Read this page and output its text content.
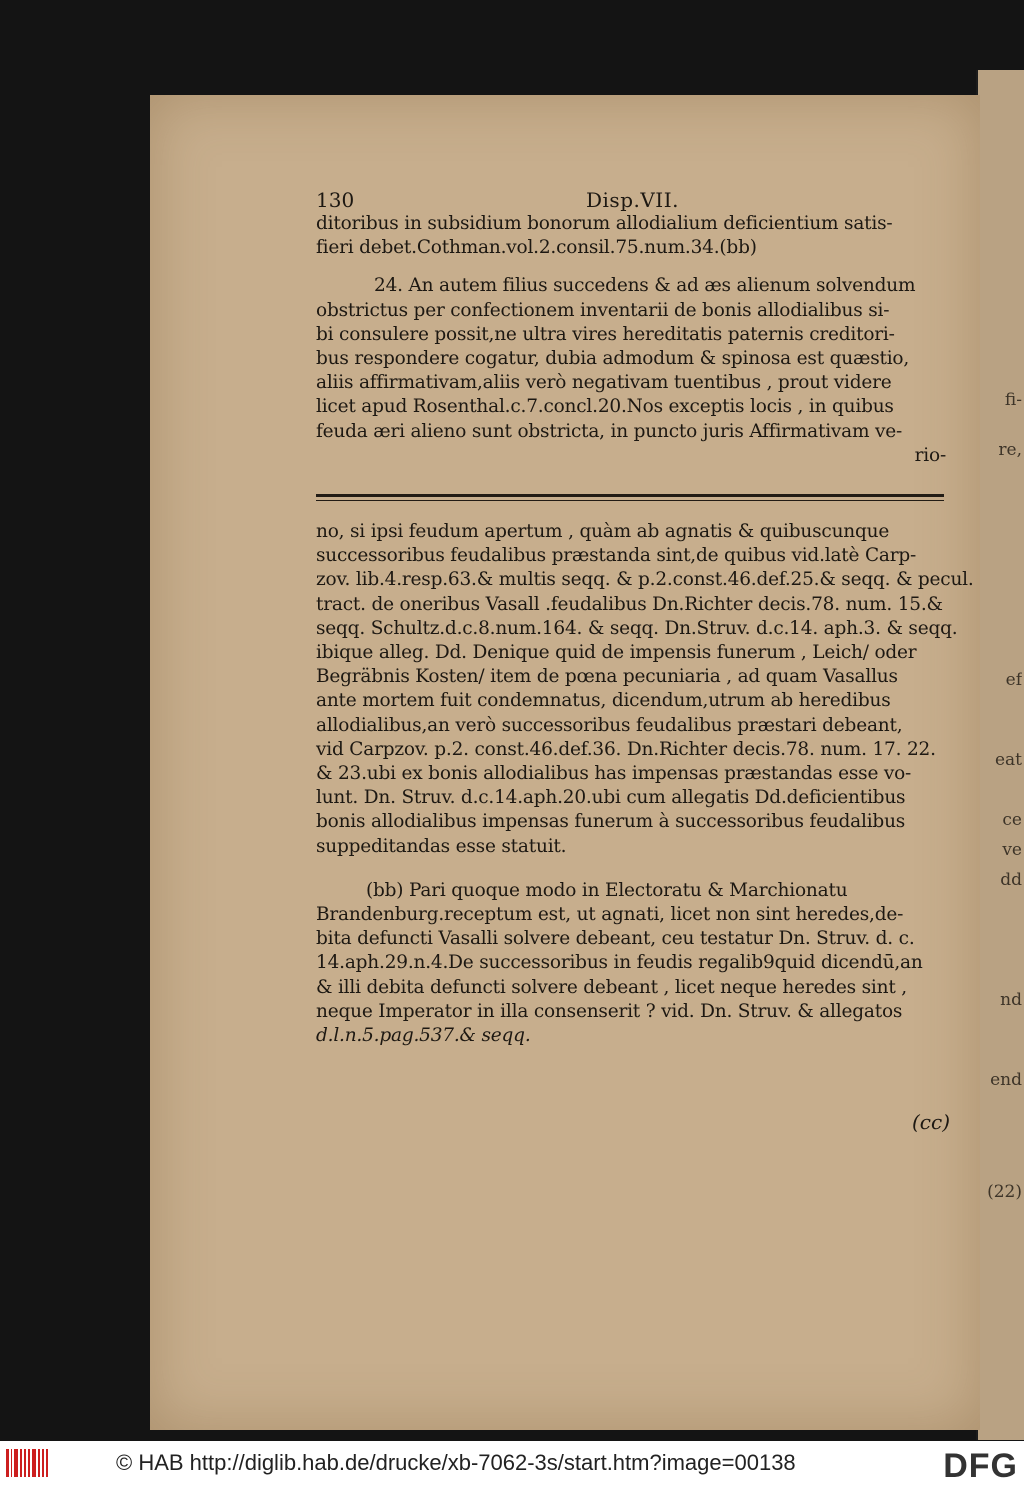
fi-
ef
dd
eat
re,
ve
nd
end
ce
(22)
130	Disp.VII.
ditoribus in subsidium bonorum allodialium deficientium satis-
fieri debet.Cothman.vol.2.consil.75.num.34.(bb)
24. An autem filius succedens & ad æs alienum solvendum
obstrictus per confectionem inventarii de bonis allodialibus si-
bi consulere possit,ne ultra vires hereditatis paternis creditori-
bus respondere cogatur, dubia admodum & spinosa est quæstio,
aliis affirmativam,aliis verò negativam tuentibus , prout videre
licet apud Rosenthal.c.7.concl.20.Nos exceptis locis , in quibus
feuda æri alieno sunt obstricta, in puncto juris Affirmativam ve-
rio-
no, si ipsi feudum apertum , quàm ab agnatis & quibuscunque
successoribus feudalibus præstanda sint,de quibus vid.latè Carp-
zov. lib.4.resp.63.& multis seqq. & p.2.const.46.def.25.& seqq. & pecul.
tract. de oneribus Vasall .feudalibus Dn.Richter decis.78. num. 15.&
seqq. Schultz.d.c.8.num.164. & seqq. Dn.Struv. d.c.14. aph.3. & seqq.
ibique alleg. Dd. Denique quid de impensis funerum , Leich/ oder
Begräbnis Kosten/ item de pœna pecuniaria , ad quam Vasallus
ante mortem fuit condemnatus, dicendum,utrum ab heredibus
allodialibus,an verò successoribus feudalibus præstari debeant,
vid Carpzov. p.2. const.46.def.36. Dn.Richter decis.78. num. 17. 22.
& 23.ubi ex bonis allodialibus has impensas præstandas esse vo-
lunt. Dn. Struv. d.c.14.aph.20.ubi cum allegatis Dd.deficientibus
bonis allodialibus impensas funerum à successoribus feudalibus
suppeditandas esse statuit.
(bb) Pari quoque modo in Electoratu & Marchionatu
Brandenburg.receptum est, ut agnati, licet non sint heredes,de-
bita defuncti Vasalli solvere debeant, ceu testatur Dn. Struv. d. c.
14.aph.29.n.4.De successoribus in feudis regalib9quid dicendū,an
& illi debita defuncti solvere debeant , licet neque heredes sint ,
neque Imperator in illa consenserit ? vid. Dn. Struv. & allegatos
d.l.n.5.pag.537.& seqq.
(cc)
© HAB http://diglib.hab.de/drucke/xb-7062-3s/start.htm?image=00138	DFG
